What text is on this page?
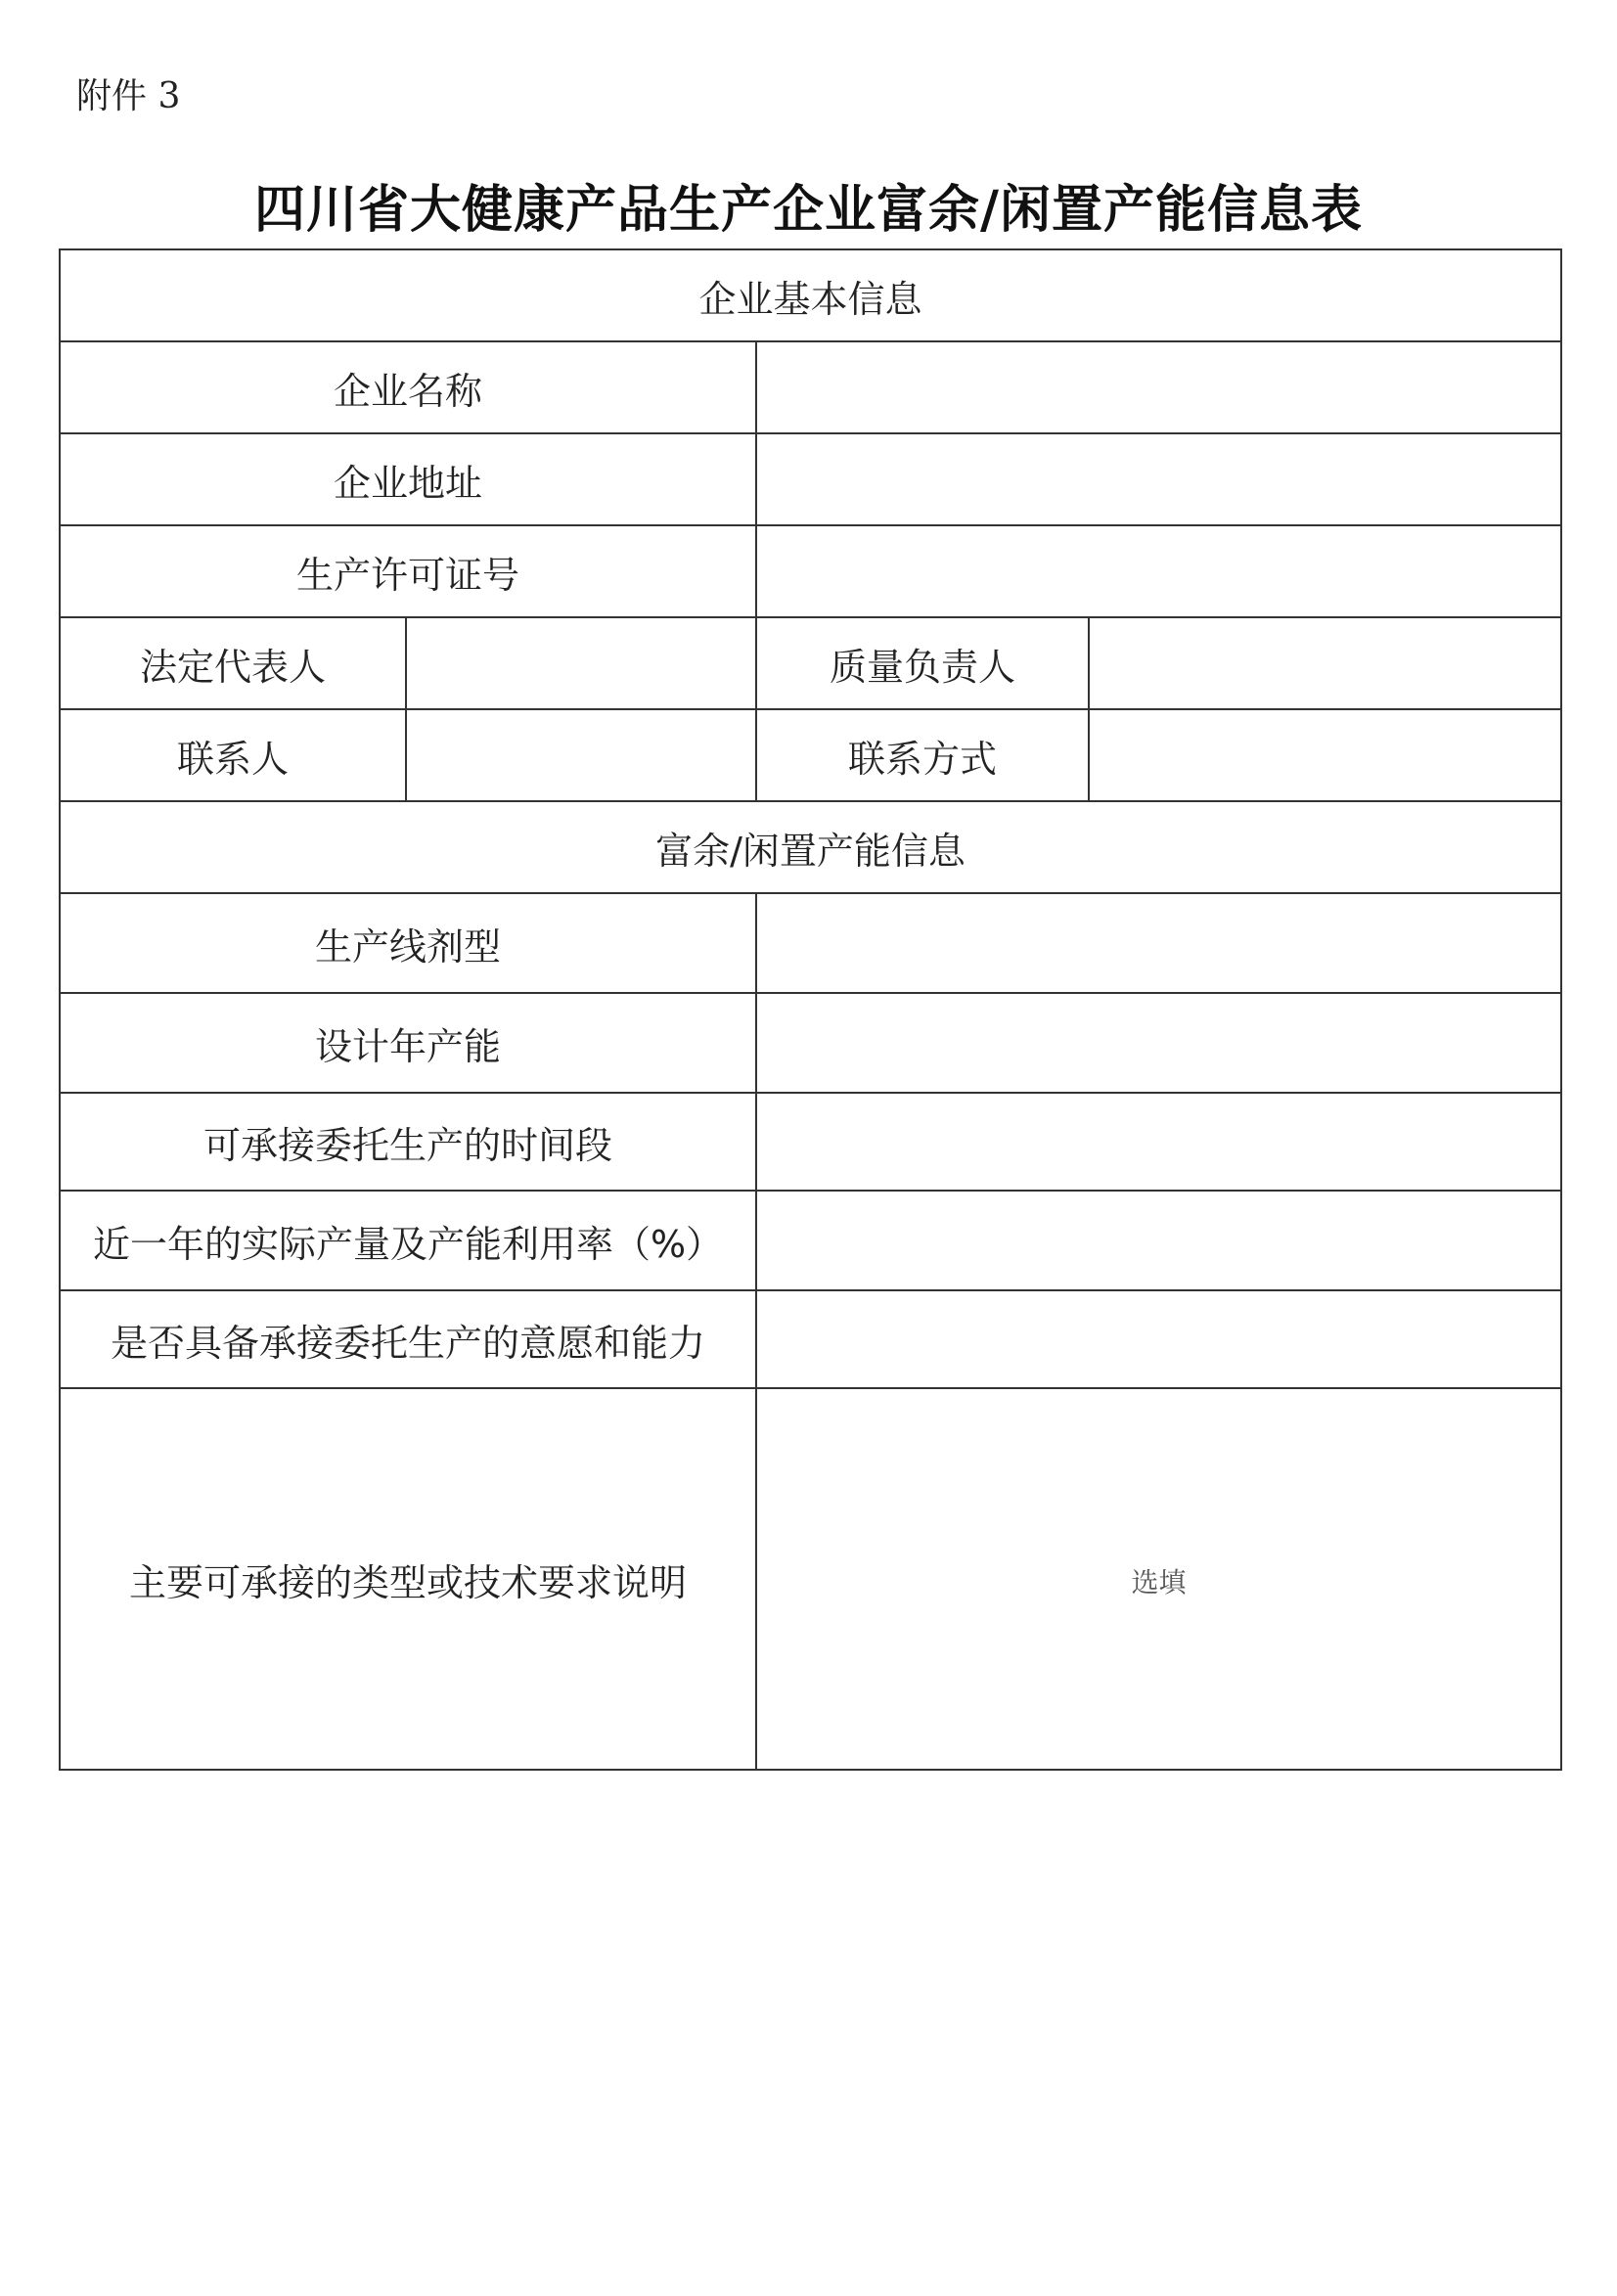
附件 3
四川省大健康产品生产企业富余/闲置产能信息表
企业基本信息			
企业名称			
企业地址			
生产许可证号			
法定代表人		质量负责人	
联系人		联系方式	
富余/闲置产能信息			
生产线剂型			
设计年产能			
可承接委托生产的时间段			
近一年的实际产量及产能利用率（%）			
是否具备承接委托生产的意愿和能力			
主要可承接的类型或技术要求说明		选填	
